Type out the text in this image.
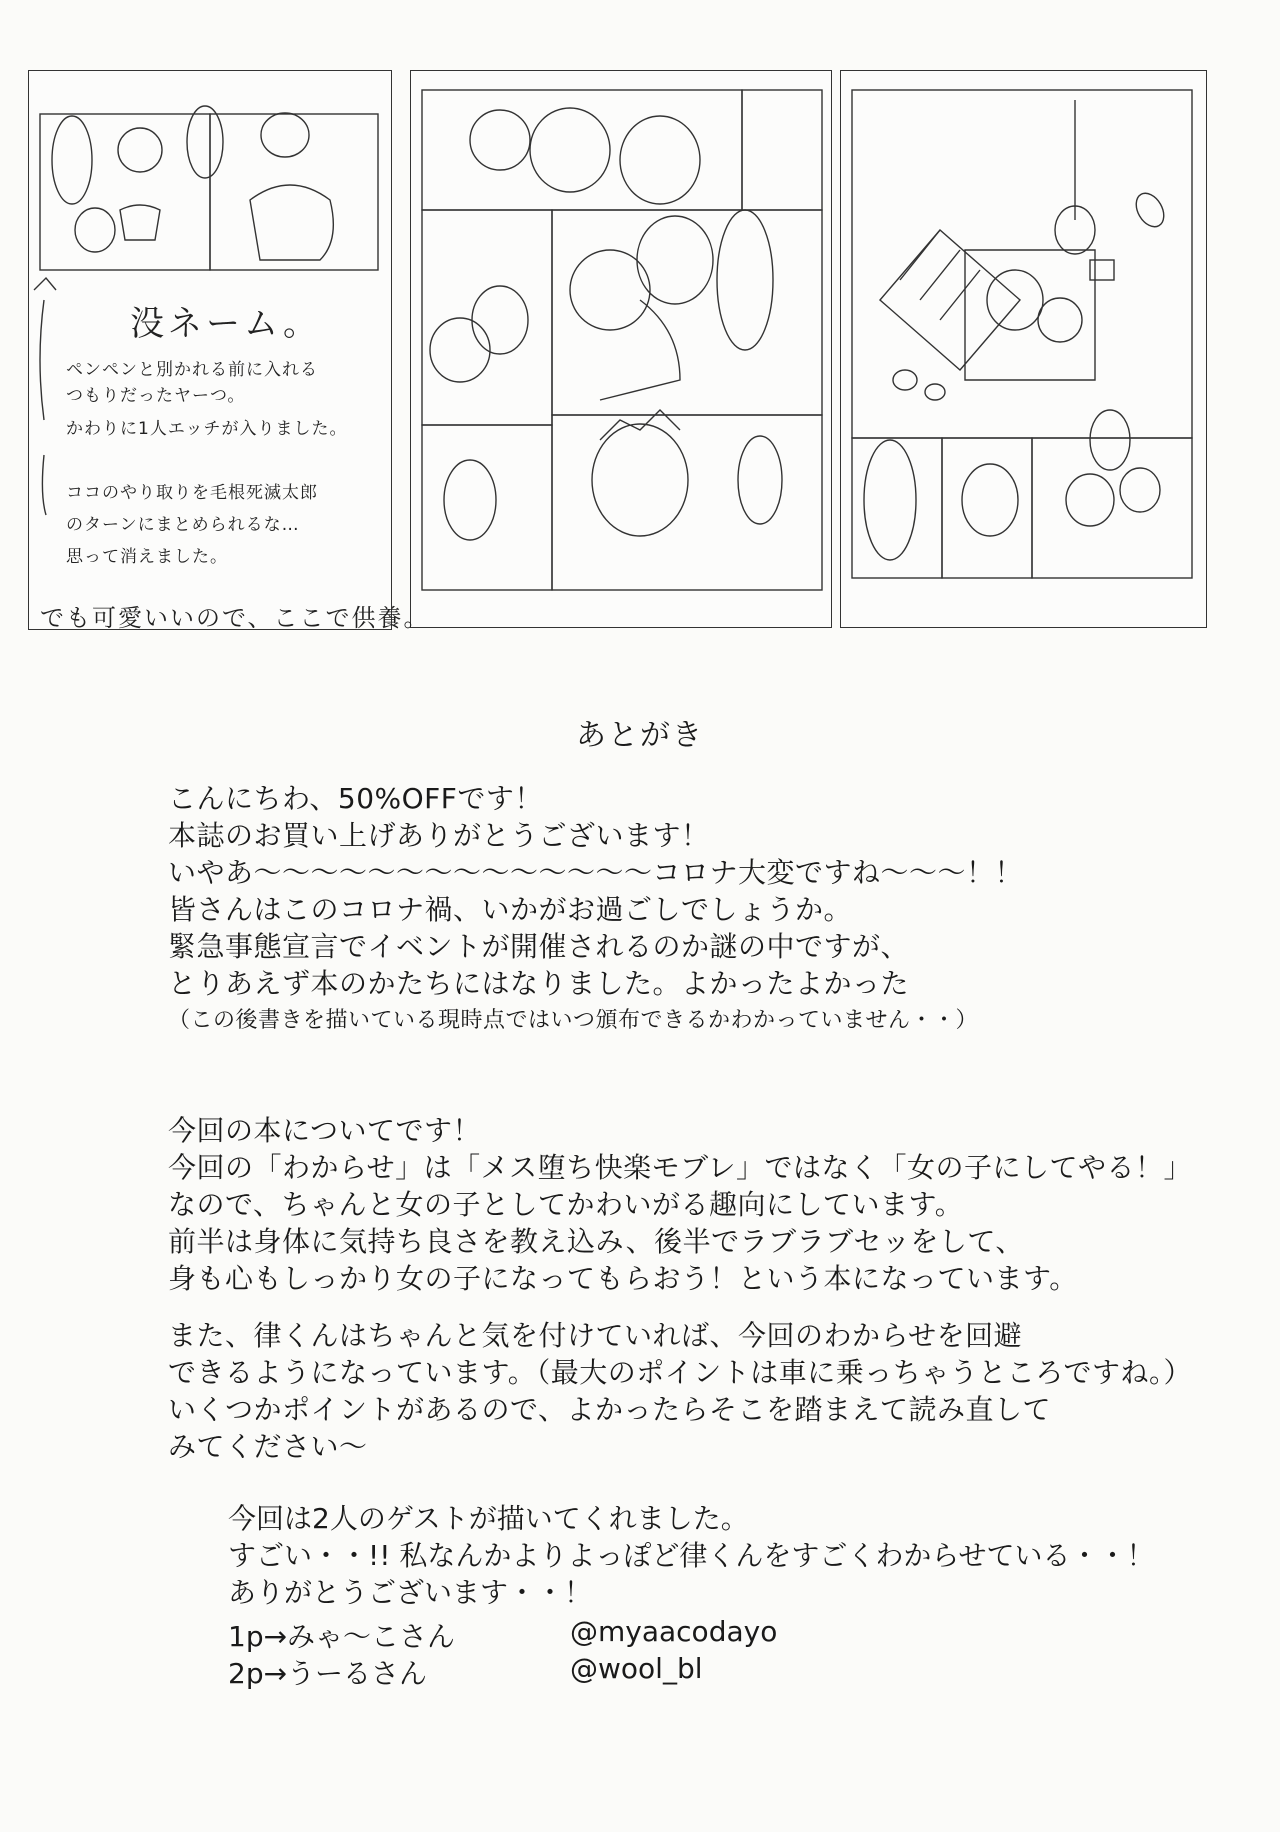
没ネーム。
ペンペンと別かれる前に入れる
つもりだったヤーつ。
かわりに1人エッチが入りました。
ココのやり取りを毛根死滅太郎
のターンにまとめられるな…
思って消えました。
でも可愛いいので、ここで供養。
あとがき
こんにちわ、50%OFFです！
本誌のお買い上げありがとうございます！
いやあ〜〜〜〜〜〜〜〜〜〜〜〜〜〜コロナ大変ですね〜〜〜！！
皆さんはこのコロナ禍、いかがお過ごしでしょうか。
緊急事態宣言でイベントが開催されるのか謎の中ですが、
とりあえず本のかたちにはなりました。よかったよかった
（この後書きを描いている現時点ではいつ頒布できるかわかっていません・・）
今回の本についてです！
今回の「わからせ」は「メス堕ち快楽モブレ」ではなく「女の子にしてやる！」
なので、ちゃんと女の子としてかわいがる趣向にしています。
前半は身体に気持ち良さを教え込み、後半でラブラブセッをして、
身も心もしっかり女の子になってもらおう！という本になっています。
また、律くんはちゃんと気を付けていれば、今回のわからせを回避
できるようになっています。（最大のポイントは車に乗っちゃうところですね。）
いくつかポイントがあるので、よかったらそこを踏まえて読み直して
みてください〜
今回は2人のゲストが描いてくれました。
すごい・・!! 私なんかよりよっぽど律くんをすごくわからせている・・！
ありがとうございます・・！
1p→みゃ〜こさん	@myaacodayo
2p→うーるさん	@wool_bl
